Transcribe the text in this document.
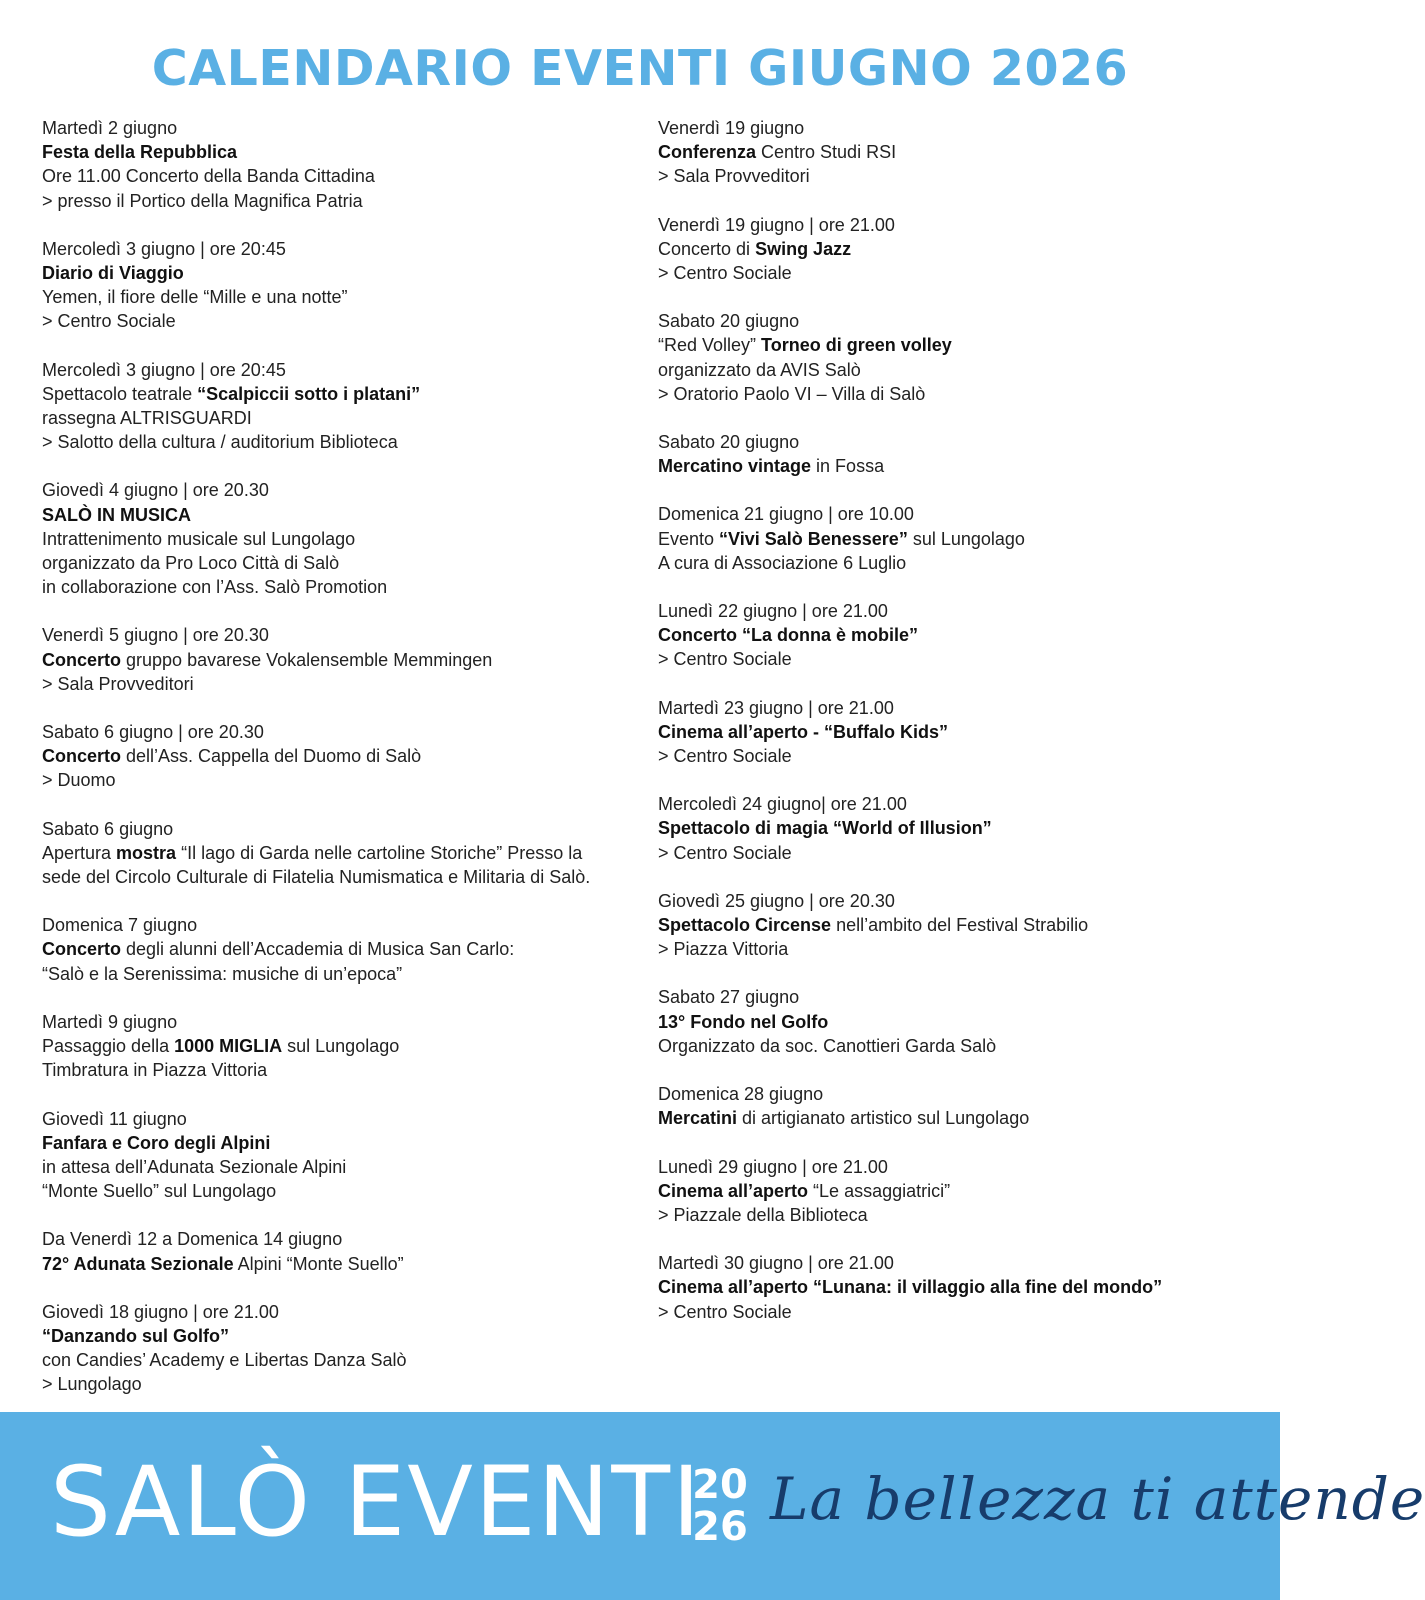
CALENDARIO EVENTI GIUGNO 2026
Martedì 2 giugno
Festa della Repubblica
Ore 11.00 Concerto della Banda Cittadina
> presso il Portico della Magnifica Patria
Mercoledì 3 giugno | ore 20:45
Diario di Viaggio
Yemen, il fiore delle “Mille e una notte”
> Centro Sociale
Mercoledì 3 giugno | ore 20:45
Spettacolo teatrale “Scalpiccii sotto i platani”
rassegna ALTRISGUARDI
> Salotto della cultura / auditorium Biblioteca
Giovedì 4 giugno | ore 20.30
SALÒ IN MUSICA
Intrattenimento musicale sul Lungolago
organizzato da Pro Loco Città di Salò
in collaborazione con l’Ass. Salò Promotion
Venerdì 5 giugno | ore 20.30
Concerto gruppo bavarese Vokalensemble Memmingen
> Sala Provveditori
Sabato 6 giugno | ore 20.30
Concerto dell’Ass. Cappella del Duomo di Salò
> Duomo
Sabato 6 giugno
Apertura mostra “Il lago di Garda nelle cartoline Storiche” Presso la
sede del Circolo Culturale di Filatelia Numismatica e Militaria di Salò.
Domenica 7 giugno
Concerto degli alunni dell’Accademia di Musica San Carlo:
“Salò e la Serenissima: musiche di un’epoca”
Martedì 9 giugno
Passaggio della 1000 MIGLIA sul Lungolago
Timbratura in Piazza Vittoria
Giovedì 11 giugno
Fanfara e Coro degli Alpini
in attesa dell’Adunata Sezionale Alpini
“Monte Suello” sul Lungolago
Da Venerdì 12 a Domenica 14 giugno
72° Adunata Sezionale Alpini “Monte Suello”
Giovedì 18 giugno | ore 21.00
“Danzando sul Golfo”
con Candies’ Academy e Libertas Danza Salò
> Lungolago
Venerdì 19 giugno
Conferenza Centro Studi RSI
> Sala Provveditori
Venerdì 19 giugno | ore 21.00
Concerto di Swing Jazz
> Centro Sociale
Sabato 20 giugno
“Red Volley” Torneo di green volley
organizzato da AVIS Salò
> Oratorio Paolo VI – Villa di Salò
Sabato 20 giugno
Mercatino vintage in Fossa
Domenica 21 giugno | ore 10.00
Evento “Vivi Salò Benessere” sul Lungolago
A cura di Associazione 6 Luglio
Lunedì 22 giugno | ore 21.00
Concerto “La donna è mobile”
> Centro Sociale
Martedì 23 giugno | ore 21.00
Cinema all’aperto - “Buffalo Kids”
> Centro Sociale
Mercoledì 24 giugno| ore 21.00
Spettacolo di magia “World of Illusion”
> Centro Sociale
Giovedì 25 giugno | ore 20.30
Spettacolo Circense nell’ambito del Festival Strabilio
> Piazza Vittoria
Sabato 27 giugno
13° Fondo nel Golfo
Organizzato da soc. Canottieri Garda Salò
Domenica 28 giugno
Mercatini di artigianato artistico sul Lungolago
Lunedì 29 giugno | ore 21.00
Cinema all’aperto “Le assaggiatrici”
> Piazzale della Biblioteca
Martedì 30 giugno | ore 21.00
Cinema all’aperto “Lunana: il villaggio alla fine del mondo”
> Centro Sociale
SALÒ EVENTI
20
26 La bellezza ti attende
